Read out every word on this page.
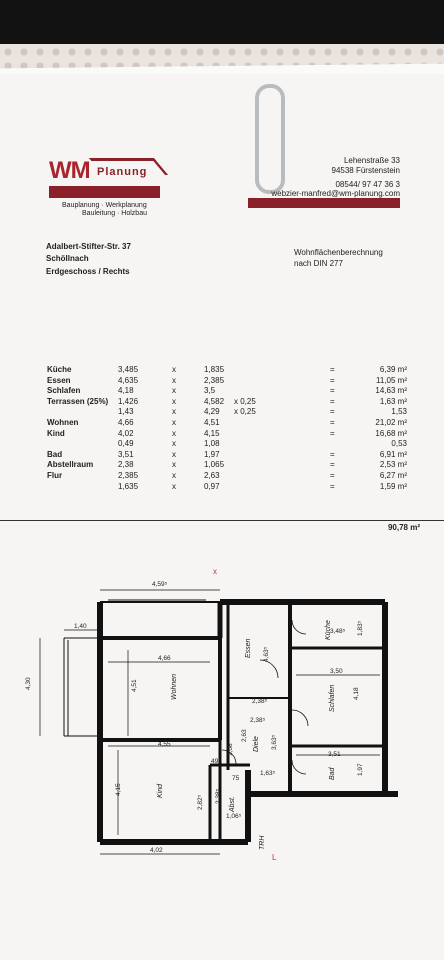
WM Planung
Bauplanung · Werkplanung
Bauleitung · Holzbau
Lehenstraße 33
94538 Fürstenstein
08544/ 97 47 36 3
webzier-manfred@wm-planung.com
Adalbert-Stifter-Str. 37
Schöllnach
Erdgeschoss / Rechts
Wohnflächenberechnung
nach DIN 277
Küche	3,485	x	1,835	=	6,39 m²
Essen	4,635	x	2,385	=	11,05 m²
Schlafen	4,18	x	3,5	=	14,63 m²
Terrassen (25%) 1,426	x	4,582 x 0,25	=	1,63 m²
1,43	x	4,29 x 0,25	=	1,53
Wohnen	4,66	x	4,51	=	21,02 m²
Kind	4,02	x	4,15	=	16,68 m²
0,49	x	1,08	0,53
Bad	3,51	x	1,97	=	6,91 m²
Abstellraum	2,38	x	1,065	=	2,53 m²
Flur	2,385	x	2,63	=	6,27 m²
1,635	x	0,97	=	1,59 m²
90,78 m²
4,59⁵
1,40
4,30
4,66
4,51
3,48⁵ 1,83⁵
4,63⁵
2,38⁵
3,50
4,18
2,38⁵
2,63	3,63⁵
1,63⁵
4,55
4,15
2,82⁵
49
1,08
75
2,38⁵
1,06⁵
3,51
1,97
4,02
x
L
Wohnen
Essen
Küche
Schlafen
Diele
Kind
Bad
Abst.
TRH
